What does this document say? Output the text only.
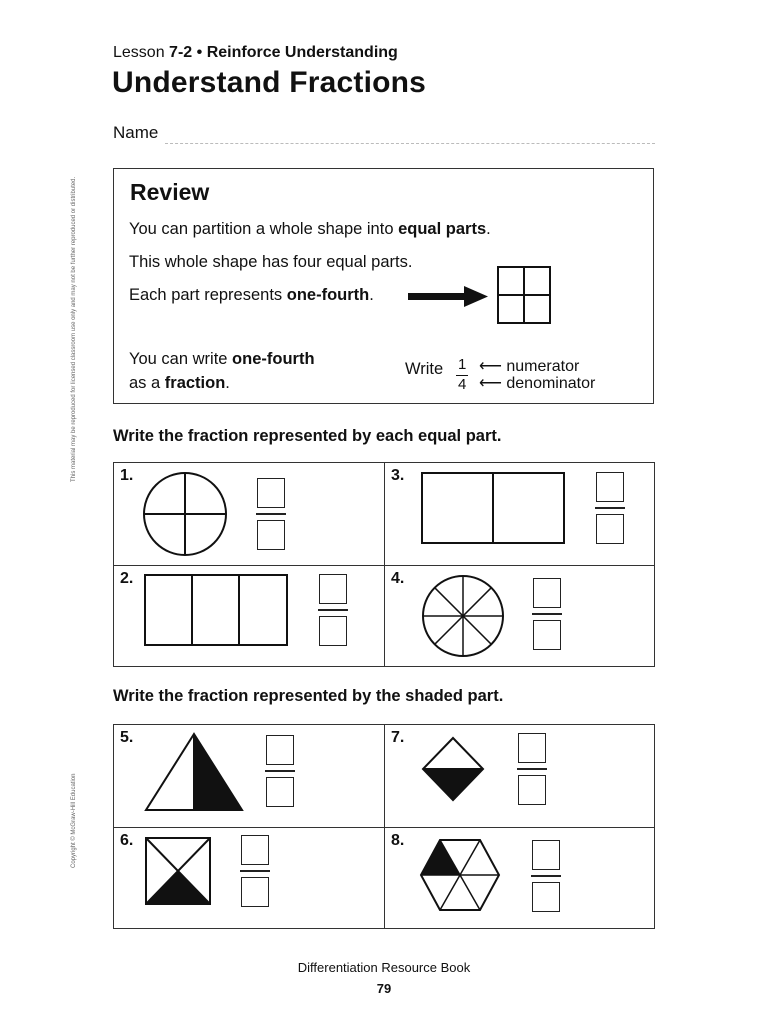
Lesson 7-2 • Reinforce Understanding
Understand Fractions
Name
This material may be reproduced for licensed classroom use only and may not be further reproduced or distributed.
Copyright © McGraw-Hill Education
Review
You can partition a whole shape into equal parts.
This whole shape has four equal parts.
Each part represents one-fourth.
You can write one-fourth
as a fraction.
Write 1
4
⟵ numerator
⟵ denominator
Write the fraction represented by each equal part.
1.	3.
2.	4.
Write the fraction represented by the shaded part.
5.	7.
6.	8.
Differentiation Resource Book
79
